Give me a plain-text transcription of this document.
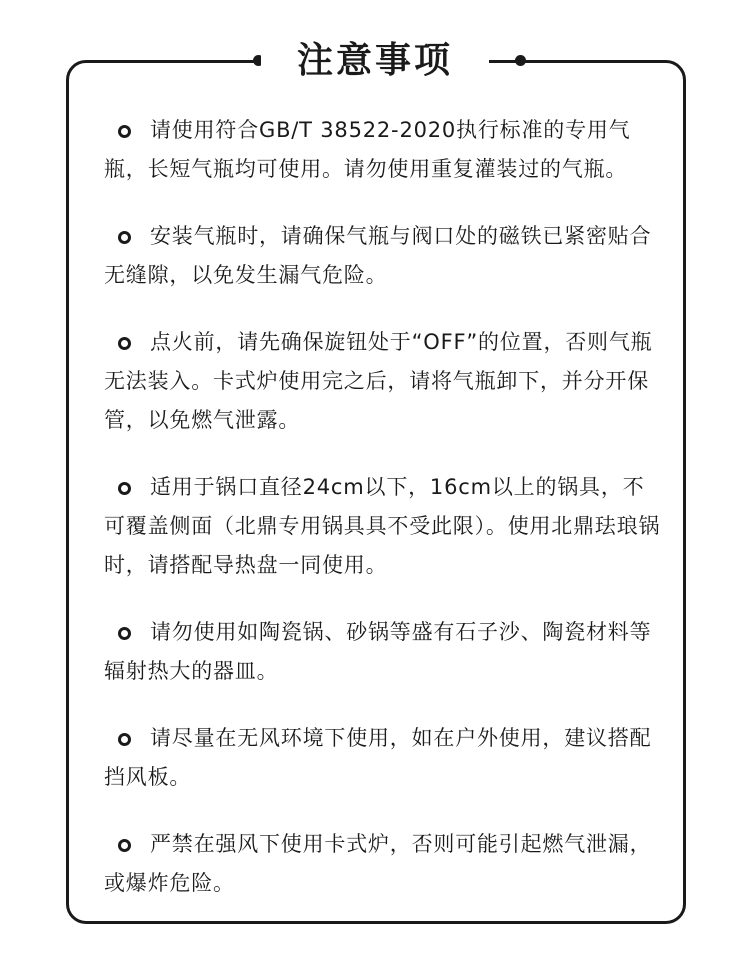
注意事项
请使用符合GB/T 38522-2020执行标准的专用气瓶，长短气瓶均可使用。请勿使用重复灌装过的气瓶。
安装气瓶时，请确保气瓶与阀口处的磁铁已紧密贴合无缝隙，以免发生漏气危险。
点火前，请先确保旋钮处于“OFF”的位置，否则气瓶无法装入。卡式炉使用完之后，请将气瓶卸下，并分开保管，以免燃气泄露。
适用于锅口直径24cm以下，16cm以上的锅具，不可覆盖侧面（北鼎专用锅具具不受此限）。使用北鼎珐琅锅时，请搭配导热盘一同使用。
请勿使用如陶瓷锅、砂锅等盛有石子沙、陶瓷材料等辐射热大的器皿。
请尽量在无风环境下使用，如在户外使用，建议搭配挡风板。
严禁在强风下使用卡式炉，否则可能引起燃气泄漏，或爆炸危险。
